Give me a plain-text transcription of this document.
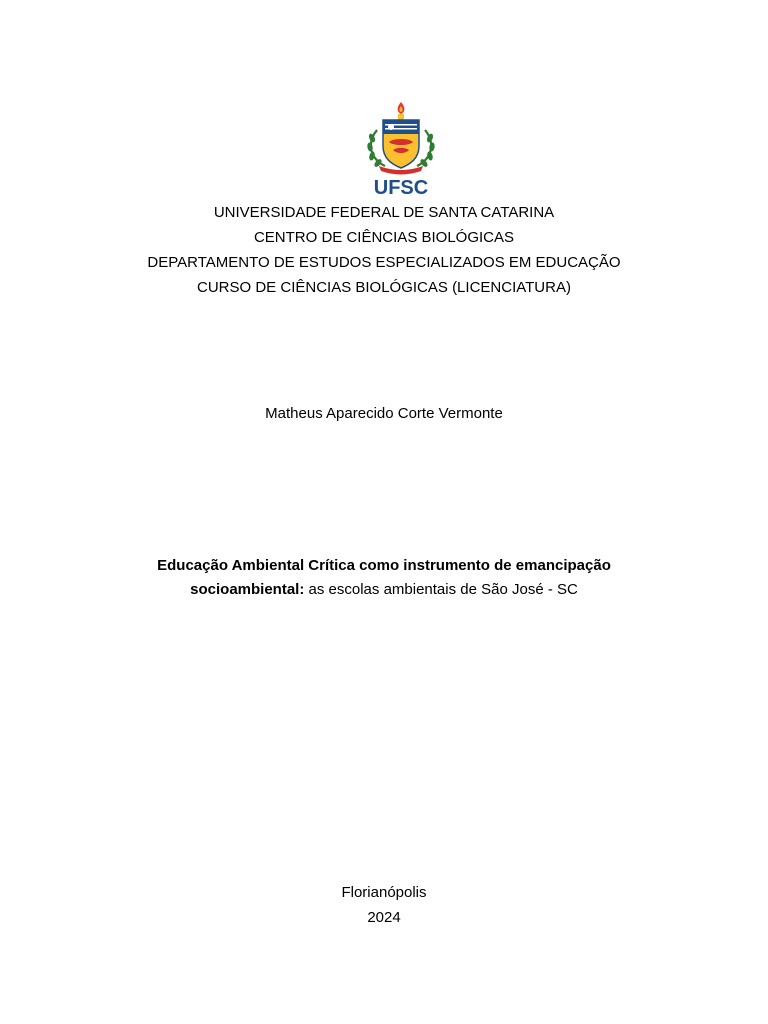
UFSC
UNIVERSIDADE FEDERAL DE SANTA CATARINA
CENTRO DE CIÊNCIAS BIOLÓGICAS
DEPARTAMENTO DE ESTUDOS ESPECIALIZADOS EM EDUCAÇÃO
CURSO DE CIÊNCIAS BIOLÓGICAS (LICENCIATURA)
Matheus Aparecido Corte Vermonte
Educação Ambiental Crítica como instrumento de emancipação
socioambiental: as escolas ambientais de São José - SC
Florianópolis
2024
